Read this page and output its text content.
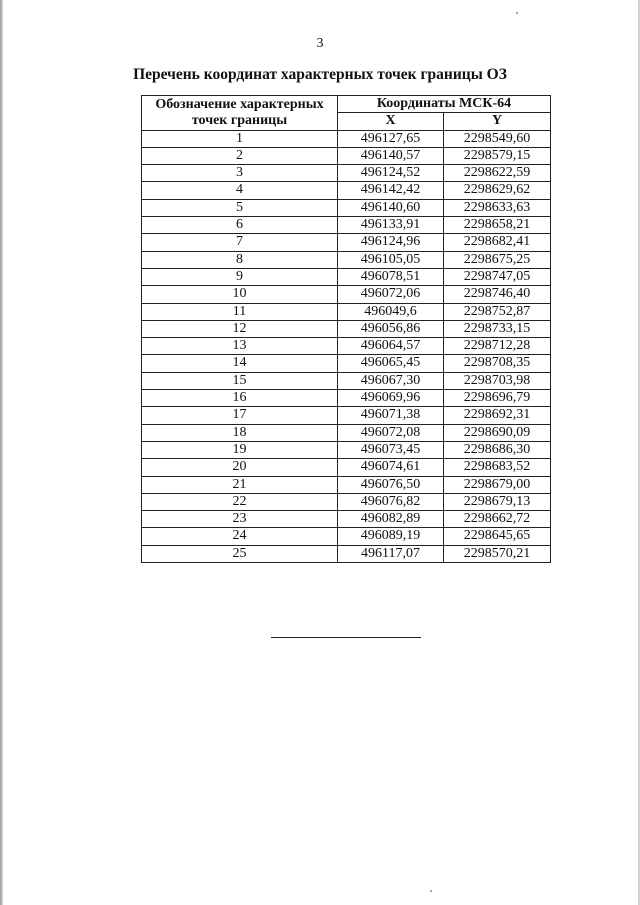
3
Перечень координат характерных точек границы ОЗ
Обозначение характерных точек границы	Координаты МСК-64	
	X	Y
1	496127,65	2298549,60
2	496140,57	2298579,15
3	496124,52	2298622,59
4	496142,42	2298629,62
5	496140,60	2298633,63
6	496133,91	2298658,21
7	496124,96	2298682,41
8	496105,05	2298675,25
9	496078,51	2298747,05
10	496072,06	2298746,40
11	496049,6	2298752,87
12	496056,86	2298733,15
13	496064,57	2298712,28
14	496065,45	2298708,35
15	496067,30	2298703,98
16	496069,96	2298696,79
17	496071,38	2298692,31
18	496072,08	2298690,09
19	496073,45	2298686,30
20	496074,61	2298683,52
21	496076,50	2298679,00
22	496076,82	2298679,13
23	496082,89	2298662,72
24	496089,19	2298645,65
25	496117,07	2298570,21
